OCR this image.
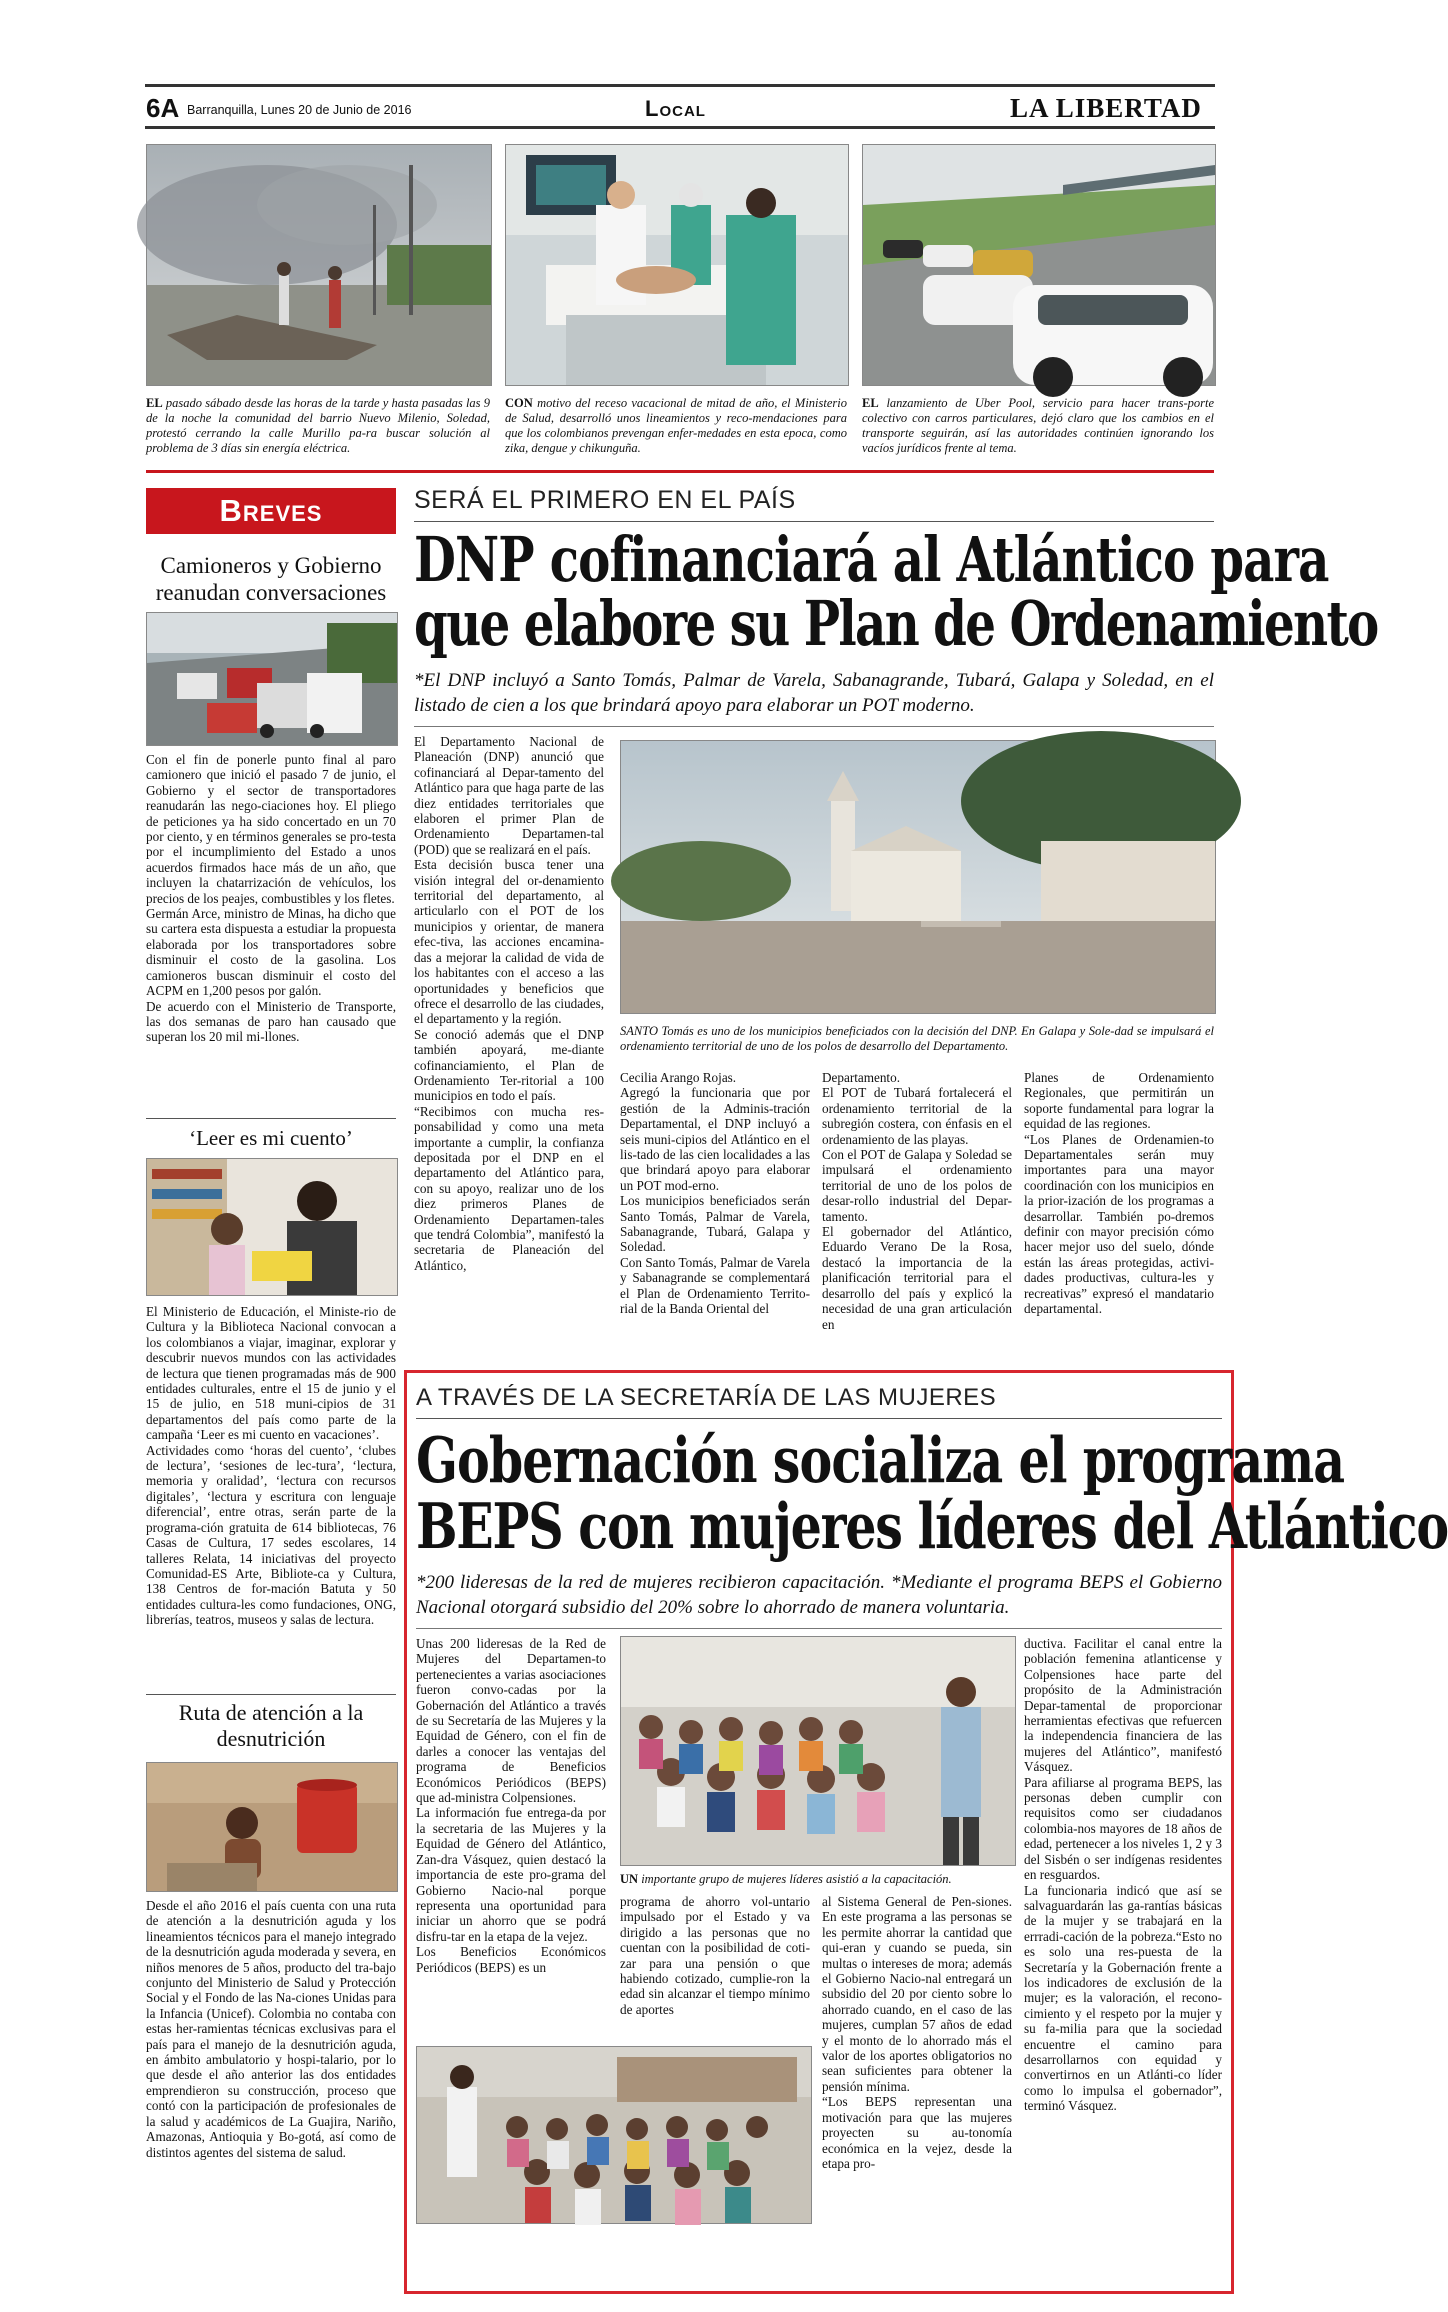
6A Barranquilla, Lunes 20 de Junio de 2016	Local	LA LIBERTAD
EL pasado sábado desde las horas de la tarde y hasta pasadas las 9 de la noche la comunidad del barrio Nuevo Milenio, Soledad, protestó cerrando la calle Murillo pa-ra buscar solución al problema de 3 días sin energía eléctrica.
CON motivo del receso vacacional de mitad de año, el Ministerio de Salud, desarrolló unos lineamientos y reco-mendaciones para que los colombianos prevengan enfer-medades en esta epoca, como zika, dengue y chikunguña.
EL lanzamiento de Uber Pool, servicio para hacer trans-porte colectivo con carros particulares, dejó claro que los cambios en el transporte seguirán, así las autoridades continúen ignorando los vacíos jurídicos frente al tema.
Breves
Camioneros y Gobierno reanudan conversaciones
Con el fin de ponerle punto final al paro camionero que inició el pasado 7 de junio, el Gobierno y el sector de transportadores reanudarán las nego-ciaciones hoy. El pliego de peticiones ya ha sido concertado en un 70 por ciento, y en términos generales se pro-testa por el incumplimiento del Estado a unos acuerdos firmados hace más de un año, que incluyen la chatarrización de vehículos, los precios de los peajes, combustibles y los fletes.
Germán Arce, ministro de Minas, ha dicho que su cartera esta dispuesta a estudiar la propuesta elaborada por los transportadores sobre disminuir el costo de la gasolina. Los camioneros buscan disminuir el costo del ACPM en 1,200 pesos por galón.
De acuerdo con el Ministerio de Transporte, las dos semanas de paro han causado que superan los 20 mil mi-llones.
‘Leer es mi cuento’
El Ministerio de Educación, el Ministe-rio de Cultura y la Biblioteca Nacional convocan a los colombianos a viajar, imaginar, explorar y descubrir nuevos mundos con las actividades de lectura que tienen programadas más de 900 entidades culturales, entre el 15 de junio y el 15 de julio, en 518 muni-cipios de 31 departamentos del país como parte de la campaña ‘Leer es mi cuento en vacaciones’.
Actividades como ‘horas del cuento’, ‘clubes de lectura’, ‘sesiones de lec-tura’, ‘lectura, memoria y oralidad’, ‘lectura con recursos digitales’, ‘lectura y escritura con lenguaje diferencial’, entre otras, serán parte de la programa-ción gratuita de 614 bibliotecas, 76 Casas de Cultura, 17 sedes escolares, 14 talleres Relata, 14 iniciativas del proyecto Comunidad-ES Arte, Bibliote-ca y Cultura, 138 Centros de for-mación Batuta y 50 entidades cultura-les como fundaciones, ONG, librerías, teatros, museos y salas de lectura.
Ruta de atención a la desnutrición
Desde el año 2016 el país cuenta con una ruta de atención a la desnutrición aguda y los lineamientos técnicos para el manejo integrado de la desnutrición aguda moderada y severa, en niños menores de 5 años, producto del tra-bajo conjunto del Ministerio de Salud y Protección Social y el Fondo de las Na-ciones Unidas para la Infancia (Unicef). Colombia no contaba con estas her-ramientas técnicas exclusivas para el país para el manejo de la desnutrición aguda, en ámbito ambulatorio y hospi-talario, por lo que desde el año anterior las dos entidades emprendieron su construcción, proceso que contó con la participación de profesionales de la salud y académicos de La Guajira, Nariño, Amazonas, Antioquia y Bo-gotá, así como de distintos agentes del sistema de salud.
SERÁ EL PRIMERO EN EL PAÍS
DNP cofinanciará al Atlántico para
que elabore su Plan de Ordenamiento
*El DNP incluyó a Santo Tomás, Palmar de Varela, Sabanagrande, Tubará, Galapa y Soledad, en el listado de cien a los que brindará apoyo para elaborar un POT moderno.
El Departamento Nacional de Planeación (DNP) anunció que cofinanciará al Depar-tamento del Atlántico para que haga parte de las diez entidades territoriales que elaboren el primer Plan de Ordenamiento Departamen-tal (POD) que se realizará en el país.
Esta decisión busca tener una visión integral del or-denamiento territorial del departamento, al articularlo con el POT de los municipios y orientar, de manera efec-tiva, las acciones encamina-das a mejorar la calidad de vida de los habitantes con el acceso a las oportunidades y beneficios que ofrece el desarrollo de las ciudades, el departamento y la región.
Se conoció además que el DNP también apoyará, me-diante cofinanciamiento, el Plan de Ordenamiento Ter-ritorial a 100 municipios en todo el país.
“Recibimos con mucha res-ponsabilidad y como una meta importante a cumplir, la confianza depositada por el DNP en el departamento del Atlántico para, con su apoyo, realizar uno de los diez primeros Planes de Ordenamiento Departamen-tales que tendrá Colombia”, manifestó la secretaria de Planeación del Atlántico,
SANTO Tomás es uno de los municipios beneficiados con la decisión del DNP. En Galapa y Sole-dad se impulsará el ordenamiento territorial de uno de los polos de desarrollo del Departamento.
Cecilia Arango Rojas.
Agregó la funcionaria que por gestión de la Adminis-tración Departamental, el DNP incluyó a seis muni-cipios del Atlántico en el lis-tado de las cien localidades a las que brindará apoyo para elaborar un POT mod-erno.
Los municipios beneficiados serán Santo Tomás, Palmar de Varela, Sabanagrande, Tubará, Galapa y Soledad.
Con Santo Tomás, Palmar de Varela y Sabanagrande se complementará el Plan de Ordenamiento Territo-rial de la Banda Oriental del
Departamento.
El POT de Tubará fortalecerá el ordenamiento territorial de la subregión costera, con énfasis en el ordenamiento de las playas.
Con el POT de Galapa y Soledad se impulsará el ordenamiento territorial de uno de los polos de desar-rollo industrial del Depar-tamento.
El gobernador del Atlántico, Eduardo Verano De la Rosa, destacó la importancia de la planificación territorial para el desarrollo del país y explicó la necesidad de una gran articulación en
Planes de Ordenamiento Regionales, que permitirán un soporte fundamental para lograr la equidad de las regiones.
“Los Planes de Ordenamien-to Departamentales serán muy importantes para una mayor coordinación con los municipios en la prior-ización de los programas a desarrollar. También po-dremos definir con mayor precisión cómo hacer mejor uso del suelo, dónde están las áreas protegidas, activi-dades productivas, cultura-les y recreativas” expresó el mandatario departamental.
A TRAVÉS DE LA SECRETARÍA DE LAS MUJERES
Gobernación socializa el programa
BEPS con mujeres líderes del Atlántico
*200 lideresas de la red de mujeres recibieron capacitación. *Mediante el programa BEPS el Gobierno Nacional otorgará subsidio del 20% sobre lo ahorrado de manera voluntaria.
Unas 200 lideresas de la Red de Mujeres del Departamen-to pertenecientes a varias asociaciones fueron convo-cadas por la Gobernación del Atlántico a través de su Secretaría de las Mujeres y la Equidad de Género, con el fin de darles a conocer las ventajas del programa de Beneficios Económicos Periódicos (BEPS) que ad-ministra Colpensiones.
La información fue entrega-da por la secretaria de las Mujeres y la Equidad de Género del Atlántico, Zan-dra Vásquez, quien destacó la importancia de este pro-grama del Gobierno Nacio-nal porque representa una oportunidad para iniciar un ahorro que se podrá disfru-tar en la etapa de la vejez.
Los Beneficios Económicos Periódicos (BEPS) es un
UN importante grupo de mujeres líderes asistió a la capacitación.
programa de ahorro vol-untario impulsado por el Estado y va dirigido a las personas que no cuentan con la posibilidad de coti-zar para una pensión o que habiendo cotizado, cumplie-ron la edad sin alcanzar el tiempo mínimo de aportes
al Sistema General de Pen-siones. En este programa a las personas se les permite ahorrar la cantidad que qui-eran y cuando se pueda, sin multas o intereses de mora; además el Gobierno Nacio-nal entregará un subsidio del 20 por ciento sobre lo ahorrado cuando, en el caso de las mujeres, cumplan 57 años de edad y el monto de lo ahorrado más el valor de los aportes obligatorios no sean suficientes para obtener la pensión mínima.
“Los BEPS representan una motivación para que las mujeres proyecten su au-tonomía económica en la vejez, desde la etapa pro-
ductiva. Facilitar el canal entre la población femenina atlanticense y Colpensiones hace parte del propósito de la Administración Depar-tamental de proporcionar herramientas efectivas que refuercen la independencia financiera de las mujeres del Atlántico”, manifestó Vásquez.
Para afiliarse al programa BEPS, las personas deben cumplir con requisitos como ser ciudadanos colombia-nos mayores de 18 años de edad, pertenecer a los niveles 1, 2 y 3 del Sisbén o ser indígenas residentes en resguardos.
La funcionaria indicó que así se salvaguardarán las ga-rantías básicas de la mujer y se trabajará en la errradi-cación de la pobreza.“Esto no es solo una res-puesta de la Secretaría y la Gobernación frente a los indicadores de exclusión de la mujer; es la valoración, el recono-cimiento y el respeto por la mujer y su fa-milia para que la sociedad encuentre el camino para desarrollarnos con equidad y convertirnos en un Atlánti-co líder como lo impulsa el gobernador”, terminó Vásquez.
